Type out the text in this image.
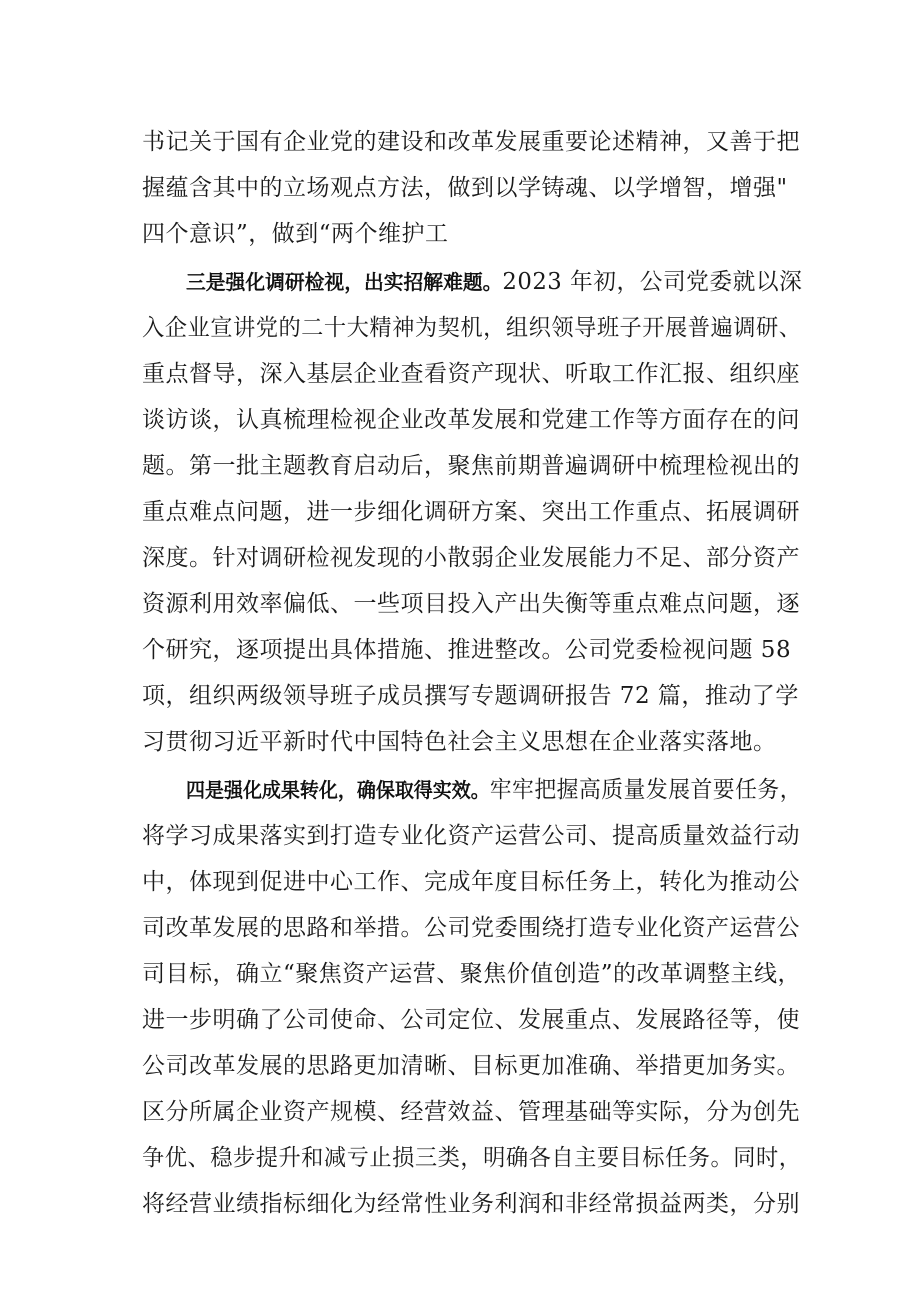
书记关于国有企业党的建设和改革发展重要论述精神，又善于把
握蕴含其中的立场观点方法，做到以学铸魂、以学增智，增强"
四个意识”，做到“两个维护工
三是强化调研检视，出实招解难题。2023 年初，公司党委就以深
入企业宣讲党的二十大精神为契机，组织领导班子开展普遍调研、
重点督导，深入基层企业查看资产现状、听取工作汇报、组织座
谈访谈，认真梳理检视企业改革发展和党建工作等方面存在的问
题。第一批主题教育启动后，聚焦前期普遍调研中梳理检视出的
重点难点问题，进一步细化调研方案、突出工作重点、拓展调研
深度。针对调研检视发现的小散弱企业发展能力不足、部分资产
资源利用效率偏低、一些项目投入产出失衡等重点难点问题，逐
个研究，逐项提出具体措施、推进整改。公司党委检视问题 58
项，组织两级领导班子成员撰写专题调研报告 72 篇，推动了学
习贯彻习近平新时代中国特色社会主义思想在企业落实落地。
四是强化成果转化，确保取得实效。牢牢把握高质量发展首要任务，
将学习成果落实到打造专业化资产运营公司、提高质量效益行动
中，体现到促进中心工作、完成年度目标任务上，转化为推动公
司改革发展的思路和举措。公司党委围绕打造专业化资产运营公
司目标，确立“聚焦资产运营、聚焦价值创造”的改革调整主线，
进一步明确了公司使命、公司定位、发展重点、发展路径等，使
公司改革发展的思路更加清晰、目标更加准确、举措更加务实。
区分所属企业资产规模、经营效益、管理基础等实际，分为创先
争优、稳步提升和减亏止损三类，明确各自主要目标任务。同时，
将经营业绩指标细化为经常性业务利润和非经常损益两类，分别
